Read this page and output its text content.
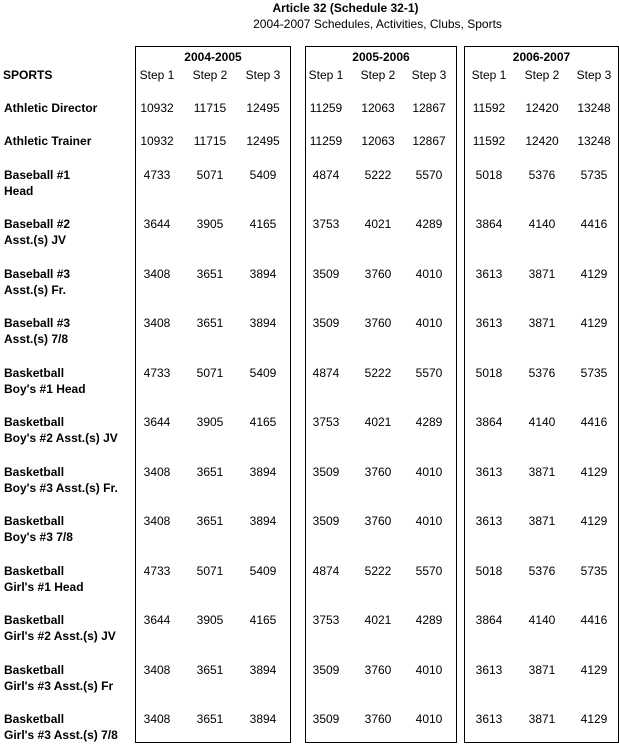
Article 32 (Schedule 32-1)
2004-2007 Schedules, Activities, Clubs, Sports
2004-2005	2005-2006	2006-2007
SPORTS	Step 1	Step 2	Step 3	Step 1	Step 2	Step 3	Step 1	Step 2	Step 3
Athletic Director	10932	11715	12495	11259	12063	12867	11592	12420	13248
Athletic Trainer	10932	11715	12495	11259	12063	12867	11592	12420	13248
Baseball #1
Head
4733	5071	5409	4874	5222	5570	5018	5376	5735
Baseball #2
Asst.(s) JV
3644	3905	4165	3753	4021	4289	3864	4140	4416
Baseball #3
Asst.(s) Fr.
3408	3651	3894	3509	3760	4010	3613	3871	4129
Baseball #3
Asst.(s) 7/8
3408	3651	3894	3509	3760	4010	3613	3871	4129
Basketball
Boy's #1 Head
4733	5071	5409	4874	5222	5570	5018	5376	5735
Basketball
Boy's #2 Asst.(s) JV
3644	3905	4165	3753	4021	4289	3864	4140	4416
Basketball
Boy's #3 Asst.(s) Fr.
3408	3651	3894	3509	3760	4010	3613	3871	4129
Basketball
Boy's #3 7/8
3408	3651	3894	3509	3760	4010	3613	3871	4129
Basketball
Girl's #1 Head
4733	5071	5409	4874	5222	5570	5018	5376	5735
Basketball
Girl's #2 Asst.(s) JV
3644	3905	4165	3753	4021	4289	3864	4140	4416
Basketball
Girl's #3 Asst.(s) Fr
3408	3651	3894	3509	3760	4010	3613	3871	4129
Basketball
Girl's #3 Asst.(s) 7/8
3408	3651	3894	3509	3760	4010	3613	3871	4129
